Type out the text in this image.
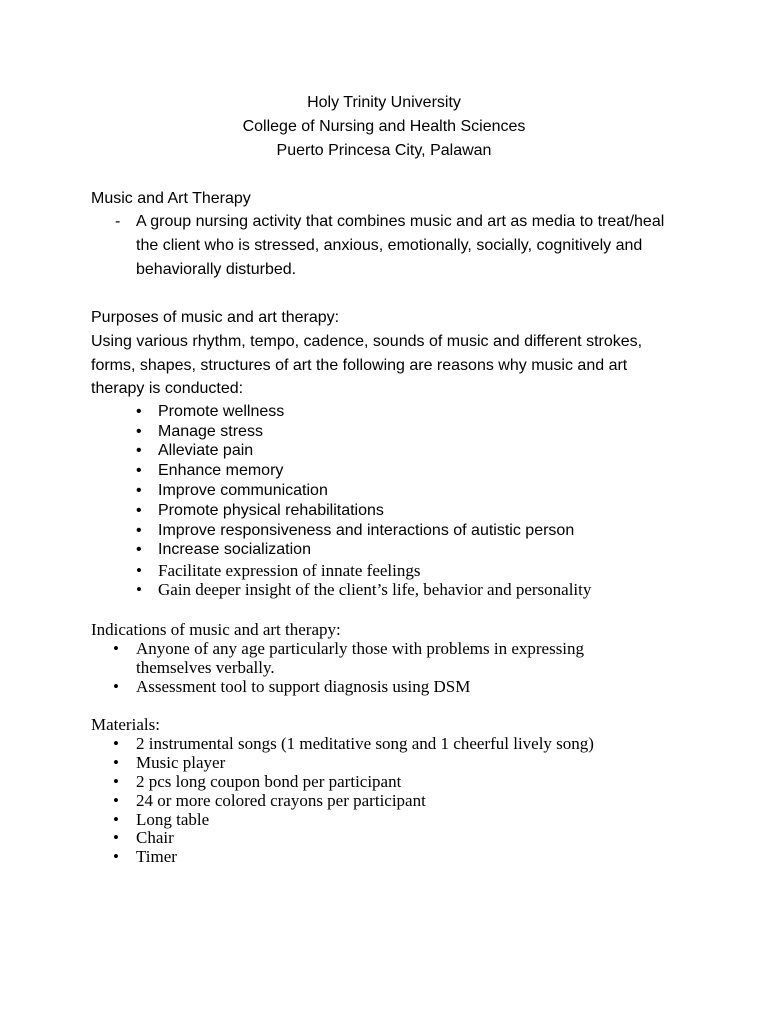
Holy Trinity University
College of Nursing and Health Sciences
Puerto Princesa City, Palawan
Music and Art Therapy
- A group nursing activity that combines music and art as media to treat/heal
the client who is stressed, anxious, emotionally, socially, cognitively and
behaviorally disturbed.
Purposes of music and art therapy:
Using various rhythm, tempo, cadence, sounds of music and different strokes,
forms, shapes, structures of art the following are reasons why music and art
therapy is conducted:
• Promote wellness
• Manage stress
• Alleviate pain
• Enhance memory
• Improve communication
• Promote physical rehabilitations
• Improve responsiveness and interactions of autistic person
• Increase socialization
• Facilitate expression of innate feelings
• Gain deeper insight of the client’s life, behavior and personality
Indications of music and art therapy:
• Anyone of any age particularly those with problems in expressing
themselves verbally.
• Assessment tool to support diagnosis using DSM
Materials:
• 2 instrumental songs (1 meditative song and 1 cheerful lively song)
• Music player
• 2 pcs long coupon bond per participant
• 24 or more colored crayons per participant
• Long table
• Chair
• Timer
